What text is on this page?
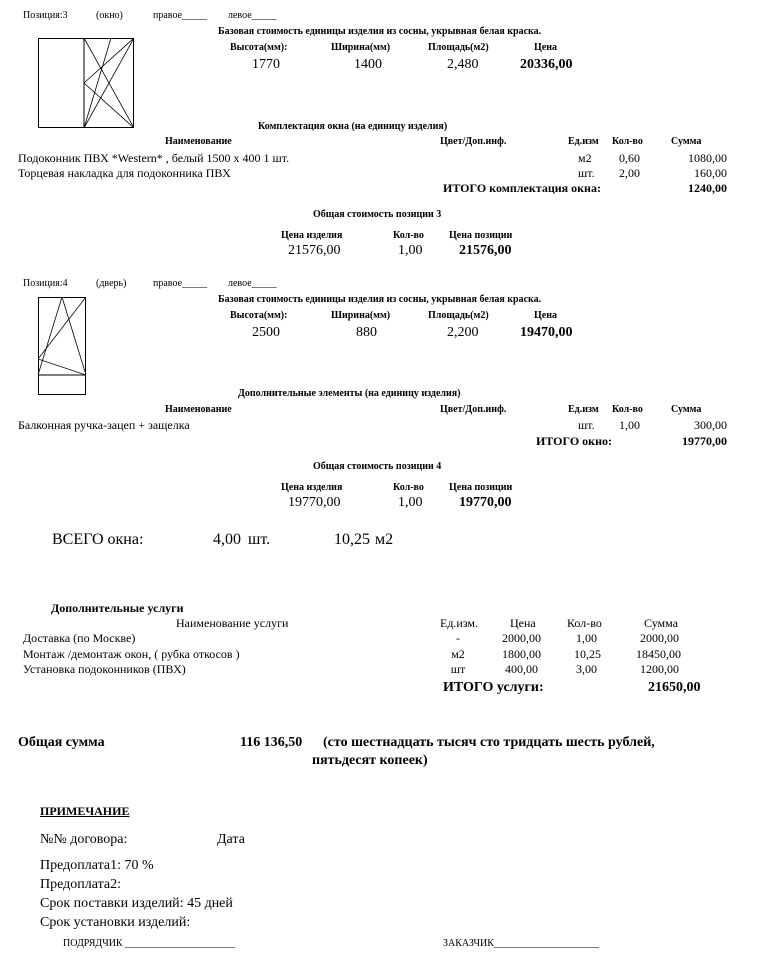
Позиция:3	(окно)	правое_____ левое_____
Базовая стоимость единицы изделия из сосны, укрывная белая краска.
Высота(мм):	Ширина(мм)	Площадь(м2)	Цена
1770	1400	2,480	20336,00
Комплектация окна (на единицу изделия)
Наименование	Цвет/Доп.инф.	Ед.изм Кол-во	Сумма
Подоконник ПВХ *Western* , белый 1500 x 400 1 шт.	м2 0,60	1080,00
Торцевая накладка для подоконника ПВХ	шт. 2,00	160,00
ИТОГО комплектация окна:	1240,00
Общая стоимость позиции 3
Цена изделия	Кол-во	Цена позиции
21576,00	1,00	21576,00
Позиция:4	(дверь)	правое_____ левое_____
Базовая стоимость единицы изделия из сосны, укрывная белая краска.
Высота(мм):	Ширина(мм)	Площадь(м2)	Цена
2500	880	2,200	19470,00
Дополнительные элементы (на единицу изделия)
Наименование	Цвет/Доп.инф.	Ед.изм Кол-во	Сумма
Балконная ручка-зацеп + защелка	шт. 1,00	300,00
ИТОГО окно:	19770,00
Общая стоимость позиции 4
Цена изделия	Кол-во	Цена позиции
19770,00	1,00	19770,00
ВСЕГО окна:	4,00 шт.	10,25 м2
Дополнительные услуги
Наименование услуги	Ед.изм.	Цена	Кол-во	Сумма
Доставка (по Москве)	-	2000,00	1,00	2000,00
Монтаж /демонтаж окон, ( рубка откосов )	м2	1800,00	10,25	18450,00
Установка подоконников (ПВХ)	шт	400,00	3,00	1200,00
ИТОГО услуги:	21650,00
Общая сумма	116 136,50 (сто шестнадцать тысяч сто тридцать шесть рублей,
пятьдесят копеек)
ПРИМЕЧАНИЕ
№№ договора:	Дата
Предоплата1: 70 %
Предоплата2:
Срок поставки изделий: 45 дней
Срок установки изделий:
ПОДРЯДЧИК ______________________	ЗАКАЗЧИК_____________________
